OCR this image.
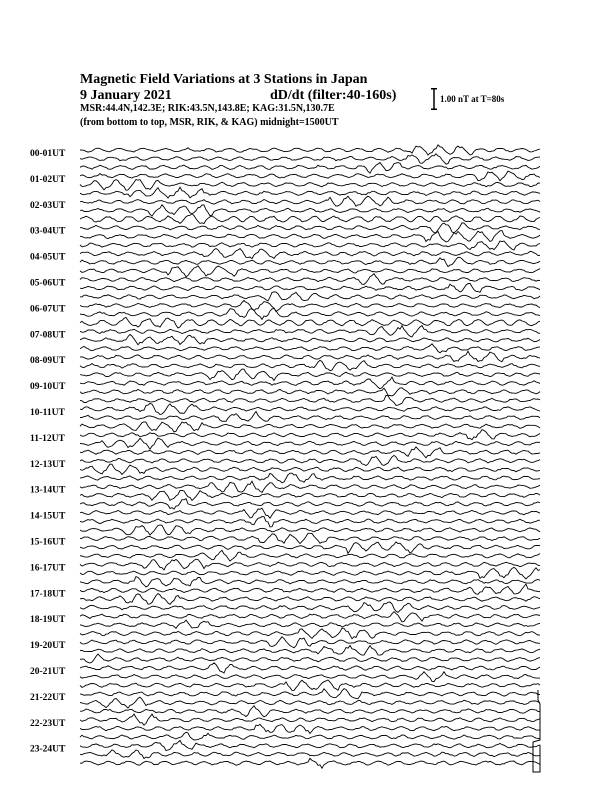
Magnetic Field Variations at 3 Stations in Japan
9 January 2021	dD/dt (filter:40-160s)
MSR:44.4N,142.3E; RIK:43.5N,143.8E; KAG:31.5N,130.7E
(from bottom to top, MSR, RIK, & KAG) midnight=1500UT
1.00 nT at T=80s
00-01UT
01-02UT
02-03UT
03-04UT
04-05UT
05-06UT
06-07UT
07-08UT
08-09UT
09-10UT
10-11UT
11-12UT
12-13UT
13-14UT
14-15UT
15-16UT
16-17UT
17-18UT
18-19UT
19-20UT
20-21UT
21-22UT
22-23UT
23-24UT
